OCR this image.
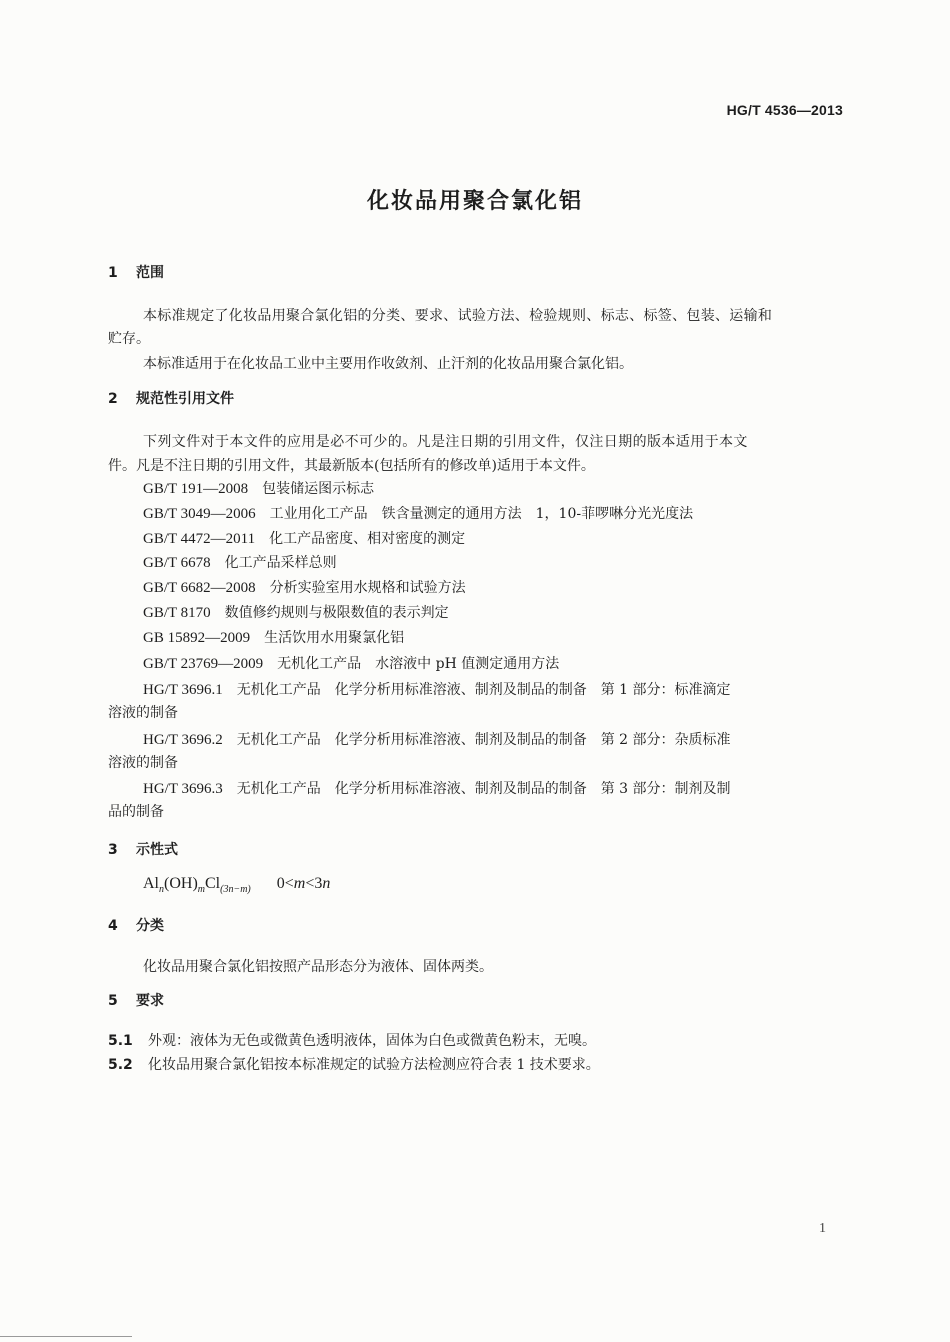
HG/T 4536—2013
化妆品用聚合氯化铝
1 范围
本标准规定了化妆品用聚合氯化铝的分类、要求、试验方法、检验规则、标志、标签、包装、运输和
贮存。
本标准适用于在化妆品工业中主要用作收敛剂、止汗剂的化妆品用聚合氯化铝。
2 规范性引用文件
下列文件对于本文件的应用是必不可少的。凡是注日期的引用文件，仅注日期的版本适用于本文
件。凡是不注日期的引用文件，其最新版本(包括所有的修改单)适用于本文件。
GB/T 191—2008 包装储运图示标志
GB/T 3049—2006 工业用化工产品　铁含量测定的通用方法　1，10-菲啰啉分光光度法
GB/T 4472—2011 化工产品密度、相对密度的测定
GB/T 6678 化工产品采样总则
GB/T 6682—2008 分析实验室用水规格和试验方法
GB/T 8170 数值修约规则与极限数值的表示判定
GB 15892—2009 生活饮用水用聚氯化铝
GB/T 23769—2009 无机化工产品　水溶液中 pH 值测定通用方法
HG/T 3696.1 无机化工产品　化学分析用标准溶液、制剂及制品的制备　第 1 部分：标准滴定
溶液的制备
HG/T 3696.2 无机化工产品　化学分析用标准溶液、制剂及制品的制备　第 2 部分：杂质标准
溶液的制备
HG/T 3696.3 无机化工产品　化学分析用标准溶液、制剂及制品的制备　第 3 部分：制剂及制
品的制备
3 示性式
$Al_n(OH)_mCl_{(3n-m)}$ 0<m<3n
4 分类
化妆品用聚合氯化铝按照产品形态分为液体、固体两类。
5 要求
5.1 外观：液体为无色或微黄色透明液体，固体为白色或微黄色粉末，无嗅。
5.2 化妆品用聚合氯化铝按本标准规定的试验方法检测应符合表 1 技术要求。
1
